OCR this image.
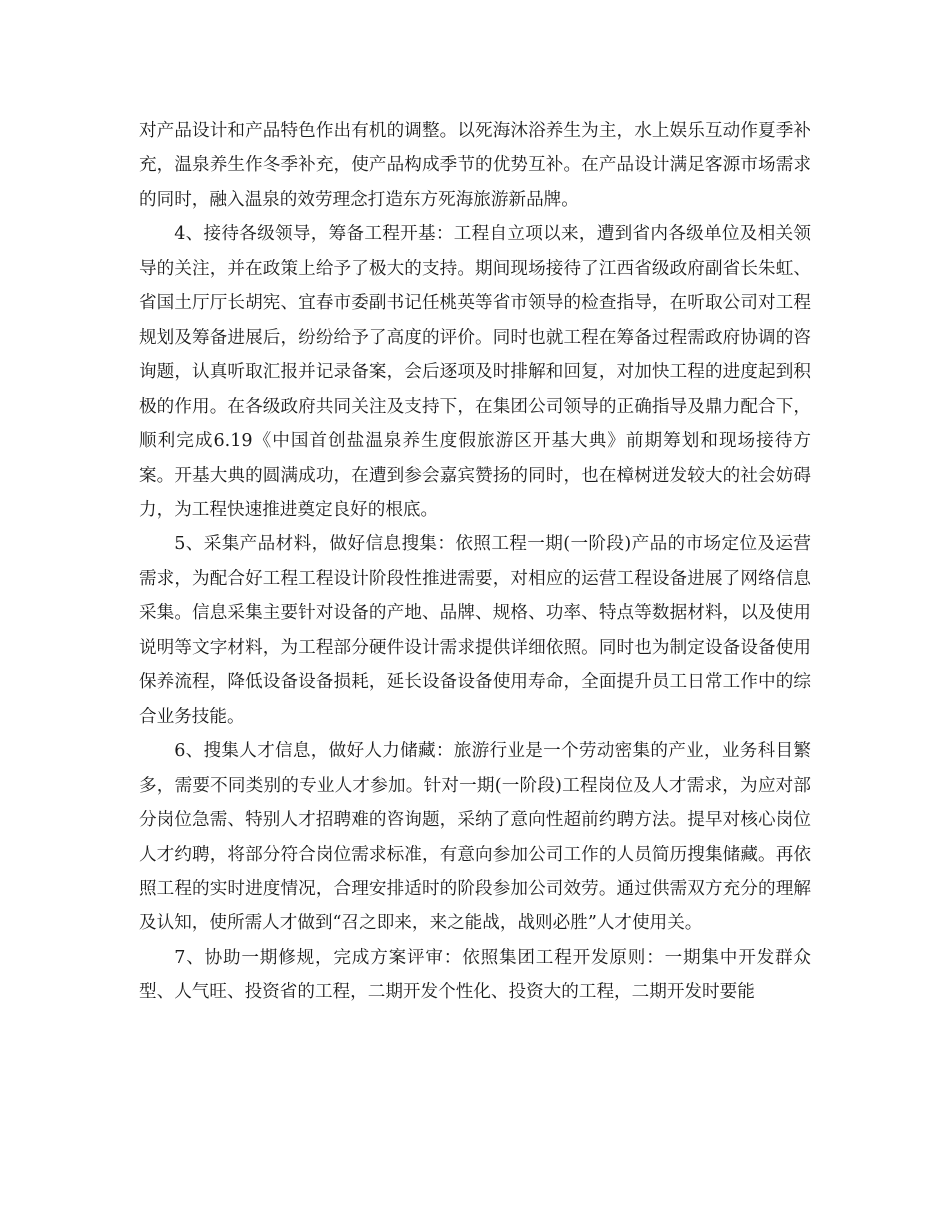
对产品设计和产品特色作出有机的调整。以死海沐浴养生为主，水上娱乐互动作夏季补充，温泉养生作冬季补充，使产品构成季节的优势互补。在产品设计满足客源市场需求的同时，融入温泉的效劳理念打造东方死海旅游新品牌。

4、接待各级领导，筹备工程开基：工程自立项以来，遭到省内各级单位及相关领导的关注，并在政策上给予了极大的支持。期间现场接待了江西省级政府副省长朱虹、省国土厅厅长胡宪、宜春市委副书记任桃英等省市领导的检查指导，在听取公司对工程规划及筹备进展后，纷纷给予了高度的评价。同时也就工程在筹备过程需政府协调的咨询题，认真听取汇报并记录备案，会后逐项及时排解和回复，对加快工程的进度起到积极的作用。在各级政府共同关注及支持下，在集团公司领导的正确指导及鼎力配合下，顺利完成6.19《中国首创盐温泉养生度假旅游区开基大典》前期筹划和现场接待方案。开基大典的圆满成功，在遭到参会嘉宾赞扬的同时，也在樟树迸发较大的社会妨碍力，为工程快速推进奠定良好的根底。

5、采集产品材料，做好信息搜集：依照工程一期(一阶段)产品的市场定位及运营需求，为配合好工程工程设计阶段性推进需要，对相应的运营工程设备进展了网络信息采集。信息采集主要针对设备的产地、品牌、规格、功率、特点等数据材料，以及使用说明等文字材料，为工程部分硬件设计需求提供详细依照。同时也为制定设备设备使用保养流程，降低设备设备损耗，延长设备设备使用寿命，全面提升员工日常工作中的综合业务技能。

6、搜集人才信息，做好人力储藏：旅游行业是一个劳动密集的产业，业务科目繁多，需要不同类别的专业人才参加。针对一期(一阶段)工程岗位及人才需求，为应对部分岗位急需、特别人才招聘难的咨询题，采纳了意向性超前约聘方法。提早对核心岗位人才约聘，将部分符合岗位需求标准，有意向参加公司工作的人员简历搜集储藏。再依照工程的实时进度情况，合理安排适时的阶段参加公司效劳。通过供需双方充分的理解及认知，使所需人才做到“召之即来，来之能战，战则必胜”人才使用关。

7、协助一期修规，完成方案评审：依照集团工程开发原则：一期集中开发群众型、人气旺、投资省的工程，二期开发个性化、投资大的工程，二期开发时要能
